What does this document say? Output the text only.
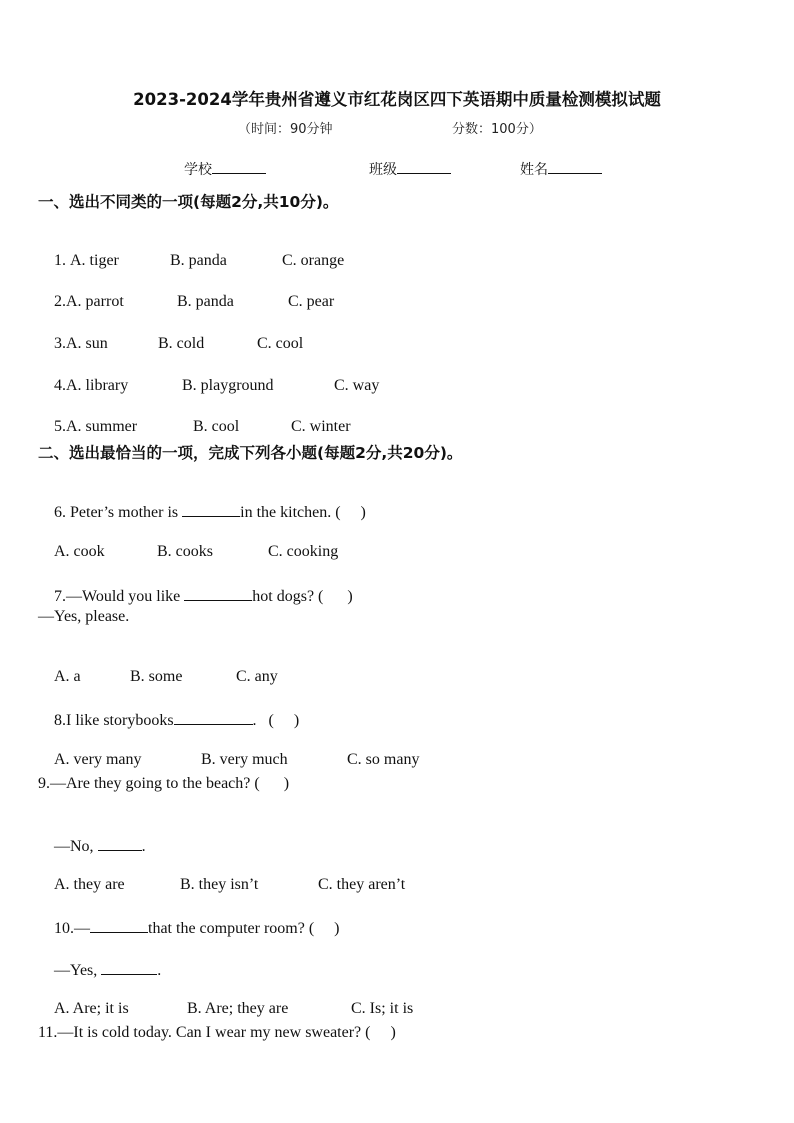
2023-2024学年贵州省遵义市红花岗区四下英语期中质量检测模拟试题
（时间：90分钟	分数：100分）
学校	班级	姓名
一、选出不同类的一项(每题2分,共10分)。

1. A. tiger	B. panda	C. orange

2.A. parrot	B. panda	C. pear

3.A. sun	B. cold	C. cool

4.A. library	B. playground	C. way

5.A. summer	B. cool	C. winter

二、选出最恰当的一项，完成下列各小题(每题2分,共20分)。

6. Peter’s mother is	in the kitchen. (     )

A. cook	B. cooks	C. cooking

7.—Would you like	hot dogs? (      )

—Yes, please.

A. a	B. some	C. any

8.I like storybooks	.   (     )

A. very many	B. very much	C. so many

9.—Are they going to the beach? (      )

—No,	.

A. they are	B. they isn’t	C. they aren’t

10.—	that the computer room? (     )

—Yes,	.

A. Are; it is	B. Are; they are	C. Is; it is

11.—It is cold today. Can I wear my new sweater? (     )
